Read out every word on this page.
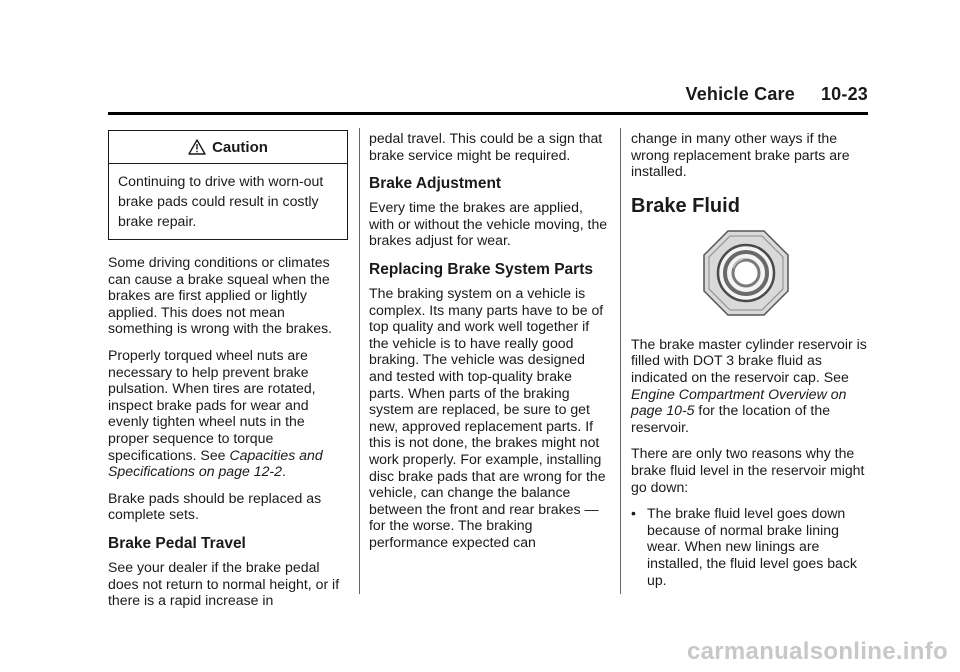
Vehicle Care 10-23
Caution
Continuing to drive with worn-out brake pads could result in costly brake repair.

Some driving conditions or climates can cause a brake squeal when the brakes are first applied or lightly applied. This does not mean something is wrong with the brakes.

Properly torqued wheel nuts are necessary to help prevent brake pulsation. When tires are rotated, inspect brake pads for wear and evenly tighten wheel nuts in the proper sequence to torque specifications. See Capacities and Specifications on page 12-2.

Brake pads should be replaced as complete sets.

Brake Pedal Travel

See your dealer if the brake pedal does not return to normal height, or if there is a rapid increase in

pedal travel. This could be a sign that brake service might be required.

Brake Adjustment

Every time the brakes are applied, with or without the vehicle moving, the brakes adjust for wear.

Replacing Brake System Parts

The braking system on a vehicle is complex. Its many parts have to be of top quality and work well together if the vehicle is to have really good braking. The vehicle was designed and tested with top-quality brake parts. When parts of the braking system are replaced, be sure to get new, approved replacement parts. If this is not done, the brakes might not work properly. For example, installing disc brake pads that are wrong for the vehicle, can change the balance between the front and rear brakes — for the worse. The braking performance expected can

change in many other ways if the wrong replacement brake parts are installed.

Brake Fluid

The brake master cylinder reservoir is filled with DOT 3 brake fluid as indicated on the reservoir cap. See Engine Compartment Overview on page 10-5 for the location of the reservoir.

There are only two reasons why the brake fluid level in the reservoir might go down:

• The brake fluid level goes down because of normal brake lining wear. When new linings are installed, the fluid level goes back up.
carmanualsonline.info
